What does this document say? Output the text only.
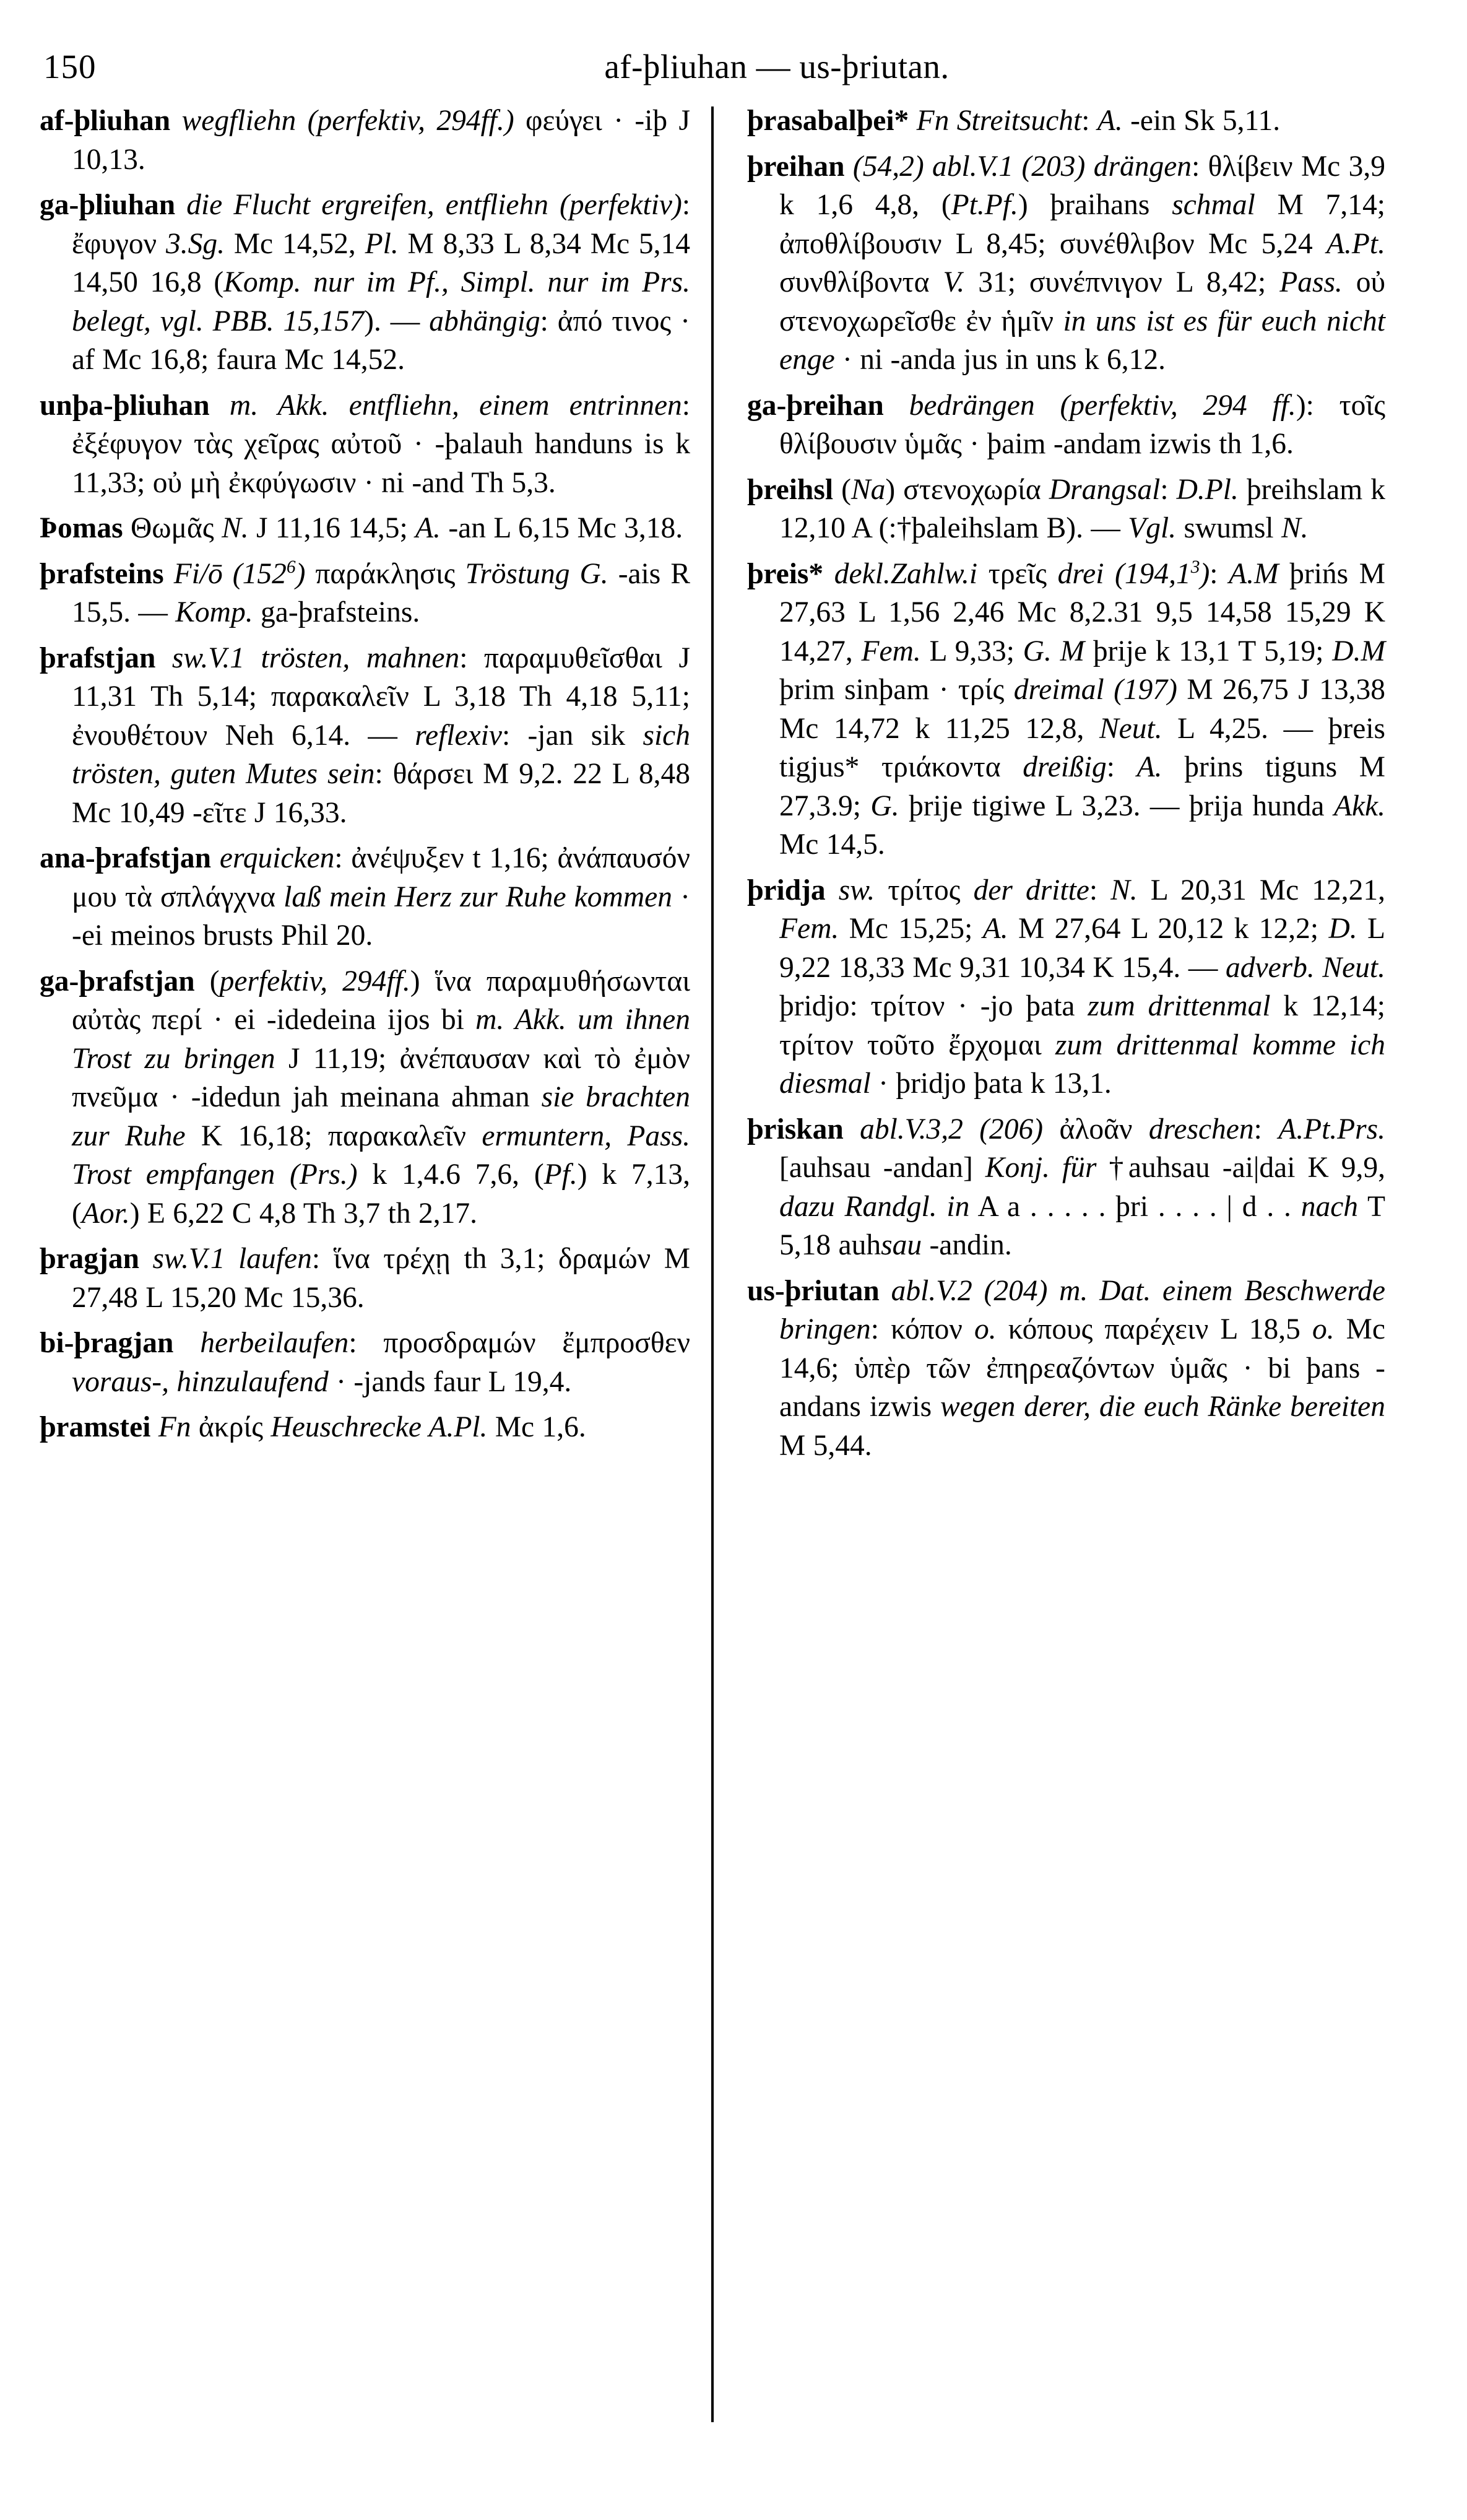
150	af-þliuhan — us-þriutan.

af-þliuhan wegfliehn (perfektiv, 294ff.) φεύγει · -iþ J 10,13.

ga-þliuhan die Flucht ergreifen, entfliehn (perfektiv): ἔφυγον 3.Sg. Mc 14,52, Pl. M 8,33 L 8,34 Mc 5,14 14,50 16,8 (Komp. nur im Pf., Simpl. nur im Prs. belegt, vgl. PBB. 15,157). — abhängig: ἀπό τινος · af Mc 16,8; faura Mc 14,52.

unþa-þliuhan m. Akk. entfliehn, einem entrinnen: ἐξέφυγον τὰς χεῖρας αὐτοῦ · -þalauh handuns is k 11,33; οὐ μὴ ἐκφύγωσιν · ni -and Th 5,3.

Þomas Θωμᾶς N. J 11,16 14,5; A. -an L 6,15 Mc 3,18.

þrafsteins Fi/ō $(152^6)$ παράκλησις Tröstung G. -ais R 15,5. — Komp. ga-þrafsteins.

þrafstjan sw.V.1 trösten, mahnen: παραμυθεῖσθαι J 11,31 Th 5,14; παρακαλεῖν L 3,18 Th 4,18 5,11; ἐνουθέτουν Neh 6,14. — reflexiv: -jan sik sich trösten, guten Mutes sein: θάρσει M 9,2. 22 L 8,48 Mc 10,49 -εῖτε J 16,33.

ana-þrafstjan erquicken: ἀνέψυξεν t 1,16; ἀνάπαυσόν μου τὰ σπλάγχνα laß mein Herz zur Ruhe kommen · -ei meinos brusts Phil 20.

ga-þrafstjan (perfektiv, 294ff.) ἵνα παραμυθήσωνται αὐτὰς περί · ei -idedeina ijos bi m. Akk. um ihnen Trost zu bringen J 11,19; ἀνέπαυσαν καὶ τὸ ἐμὸν πνεῦμα · -idedun jah meinana ahman sie brachten zur Ruhe K 16,18; παρακαλεῖν ermuntern, Pass. Trost empfangen (Prs.) k 1,4.6 7,6, (Pf.) k 7,13, (Aor.) E 6,22 C 4,8 Th 3,7 th 2,17.

þragjan sw.V.1 laufen: ἵνα τρέχῃ th 3,1; δραμών M 27,48 L 15,20 Mc 15,36.

bi-þragjan herbeilaufen: προσδραμών ἔμπροσθεν voraus-, hinzulaufend · -jands faur L 19,4.

þramstei Fn ἀκρίς Heuschrecke A.Pl. Mc 1,6.

þrasabalþei* Fn Streitsucht: A. -ein Sk 5,11.

þreihan (54,2) abl.V.1 (203) drängen: θλίβειν Mc 3,9 k 1,6 4,8, (Pt.Pf.) þraihans schmal M 7,14; ἀποθλίβουσιν L 8,45; συνέθλιβον Mc 5,24 A.Pt. συνθλίβοντα V. 31; συνέπνιγον L 8,42; Pass. οὐ στενοχωρεῖσθε ἐν ἡμῖν in uns ist es für euch nicht enge · ni -anda jus in uns k 6,12.

ga-þreihan bedrängen (perfektiv, 294 ff.): τοῖς θλίβουσιν ὑμᾶς · þaim -andam izwis th 1,6.

þreihsl (Na) στενοχωρία Drangsal: D.Pl. þreihslam k 12,10 A (:†þaleihslam B). — Vgl. swumsl N.

þreis* dekl.Zahlw.i τρεῖς drei (194,1$^3$): A.M þrińs M 27,63 L 1,56 2,46 Mc 8,2.31 9,5 14,58 15,29 K 14,27, Fem. L 9,33; G. M þrije k 13,1 T 5,19; D.M þrim sinþam · τρίς dreimal (197) M 26,75 J 13,38 Mc 14,72 k 11,25 12,8, Neut. L 4,25. — þreis tigjus* τριάκοντα dreißig: A. þrins tiguns M 27,3.9; G. þrije tigiwe L 3,23. — þrija hunda Akk. Mc 14,5.

þridja sw. τρίτος der dritte: N. L 20,31 Mc 12,21, Fem. Mc 15,25; A. M 27,64 L 20,12 k 12,2; D. L 9,22 18,33 Mc 9,31 10,34 K 15,4. — adverb. Neut. þridjo: τρίτον · -jo þata zum drittenmal k 12,14; τρίτον τοῦτο ἔρχομαι zum drittenmal komme ich diesmal · þridjo þata k 13,1.

þriskan abl.V.3,2 (206) ἀλοᾶν dreschen: A.Pt.Prs. [auhsau -andan] Konj. für †auhsau -ai|dai K 9,9, dazu Randgl. in A a . . . . . þri . . . . | d . . nach T 5,18 auhsau -andin.

us-þriutan abl.V.2 (204) m. Dat. einem Beschwerde bringen: κόπον o. κόπους παρέχειν L 18,5 o. Mc 14,6; ὑπὲρ τῶν ἐπηρεαζόντων ὑμᾶς · bi þans -andans izwis wegen derer, die euch Ränke bereiten M 5,44.
